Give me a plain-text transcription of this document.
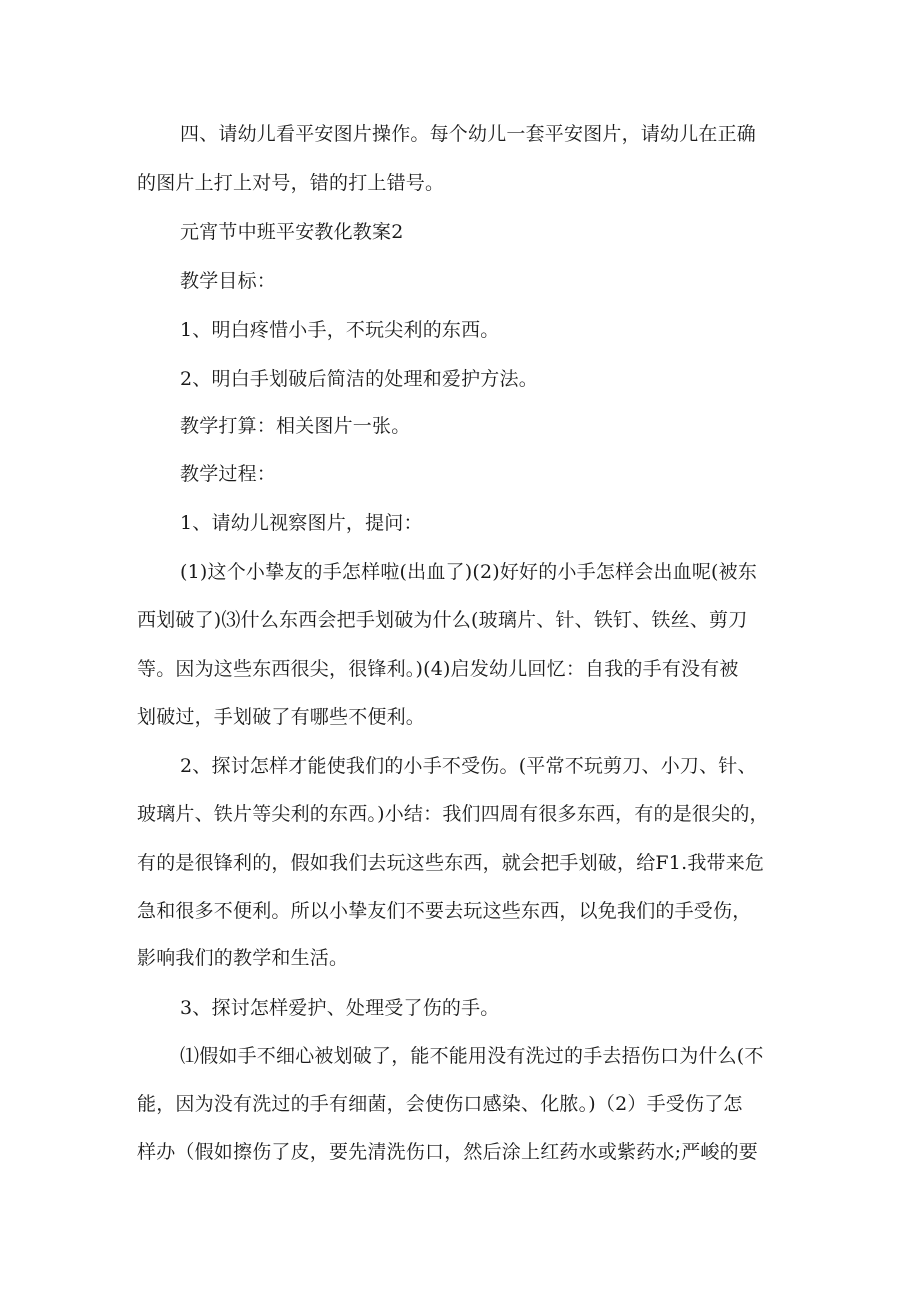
四、请幼儿看平安图片操作。每个幼儿一套平安图片，请幼儿在正确
的图片上打上对号，错的打上错号。
元宵节中班平安教化教案2
教学目标：
1、明白疼惜小手，不玩尖利的东西。
2、明白手划破后简洁的处理和爱护方法。
教学打算：相关图片一张。
教学过程：
1、请幼儿视察图片，提问：
(1)这个小挚友的手怎样啦(出血了)(2)好好的小手怎样会出血呢(被东
西划破了)⑶什么东西会把手划破为什么(玻璃片、针、铁钉、铁丝、剪刀
等。因为这些东西很尖，很锋利。)(4)启发幼儿回忆：自我的手有没有被
划破过，手划破了有哪些不便利。
2、探讨怎样才能使我们的小手不受伤。(平常不玩剪刀、小刀、针、
玻璃片、铁片等尖利的东西。)小结：我们四周有很多东西，有的是很尖的，
有的是很锋利的，假如我们去玩这些东西，就会把手划破，给F1.我带来危
急和很多不便利。所以小挚友们不要去玩这些东西，以免我们的手受伤，
影响我们的教学和生活。
3、探讨怎样爱护、处理受了伤的手。
⑴假如手不细心被划破了，能不能用没有洗过的手去捂伤口为什么(不
能，因为没有洗过的手有细菌，会使伤口感染、化脓。)（2）手受伤了怎
样办（假如擦伤了皮，要先清洗伤口，然后涂上红药水或紫药水;严峻的要
